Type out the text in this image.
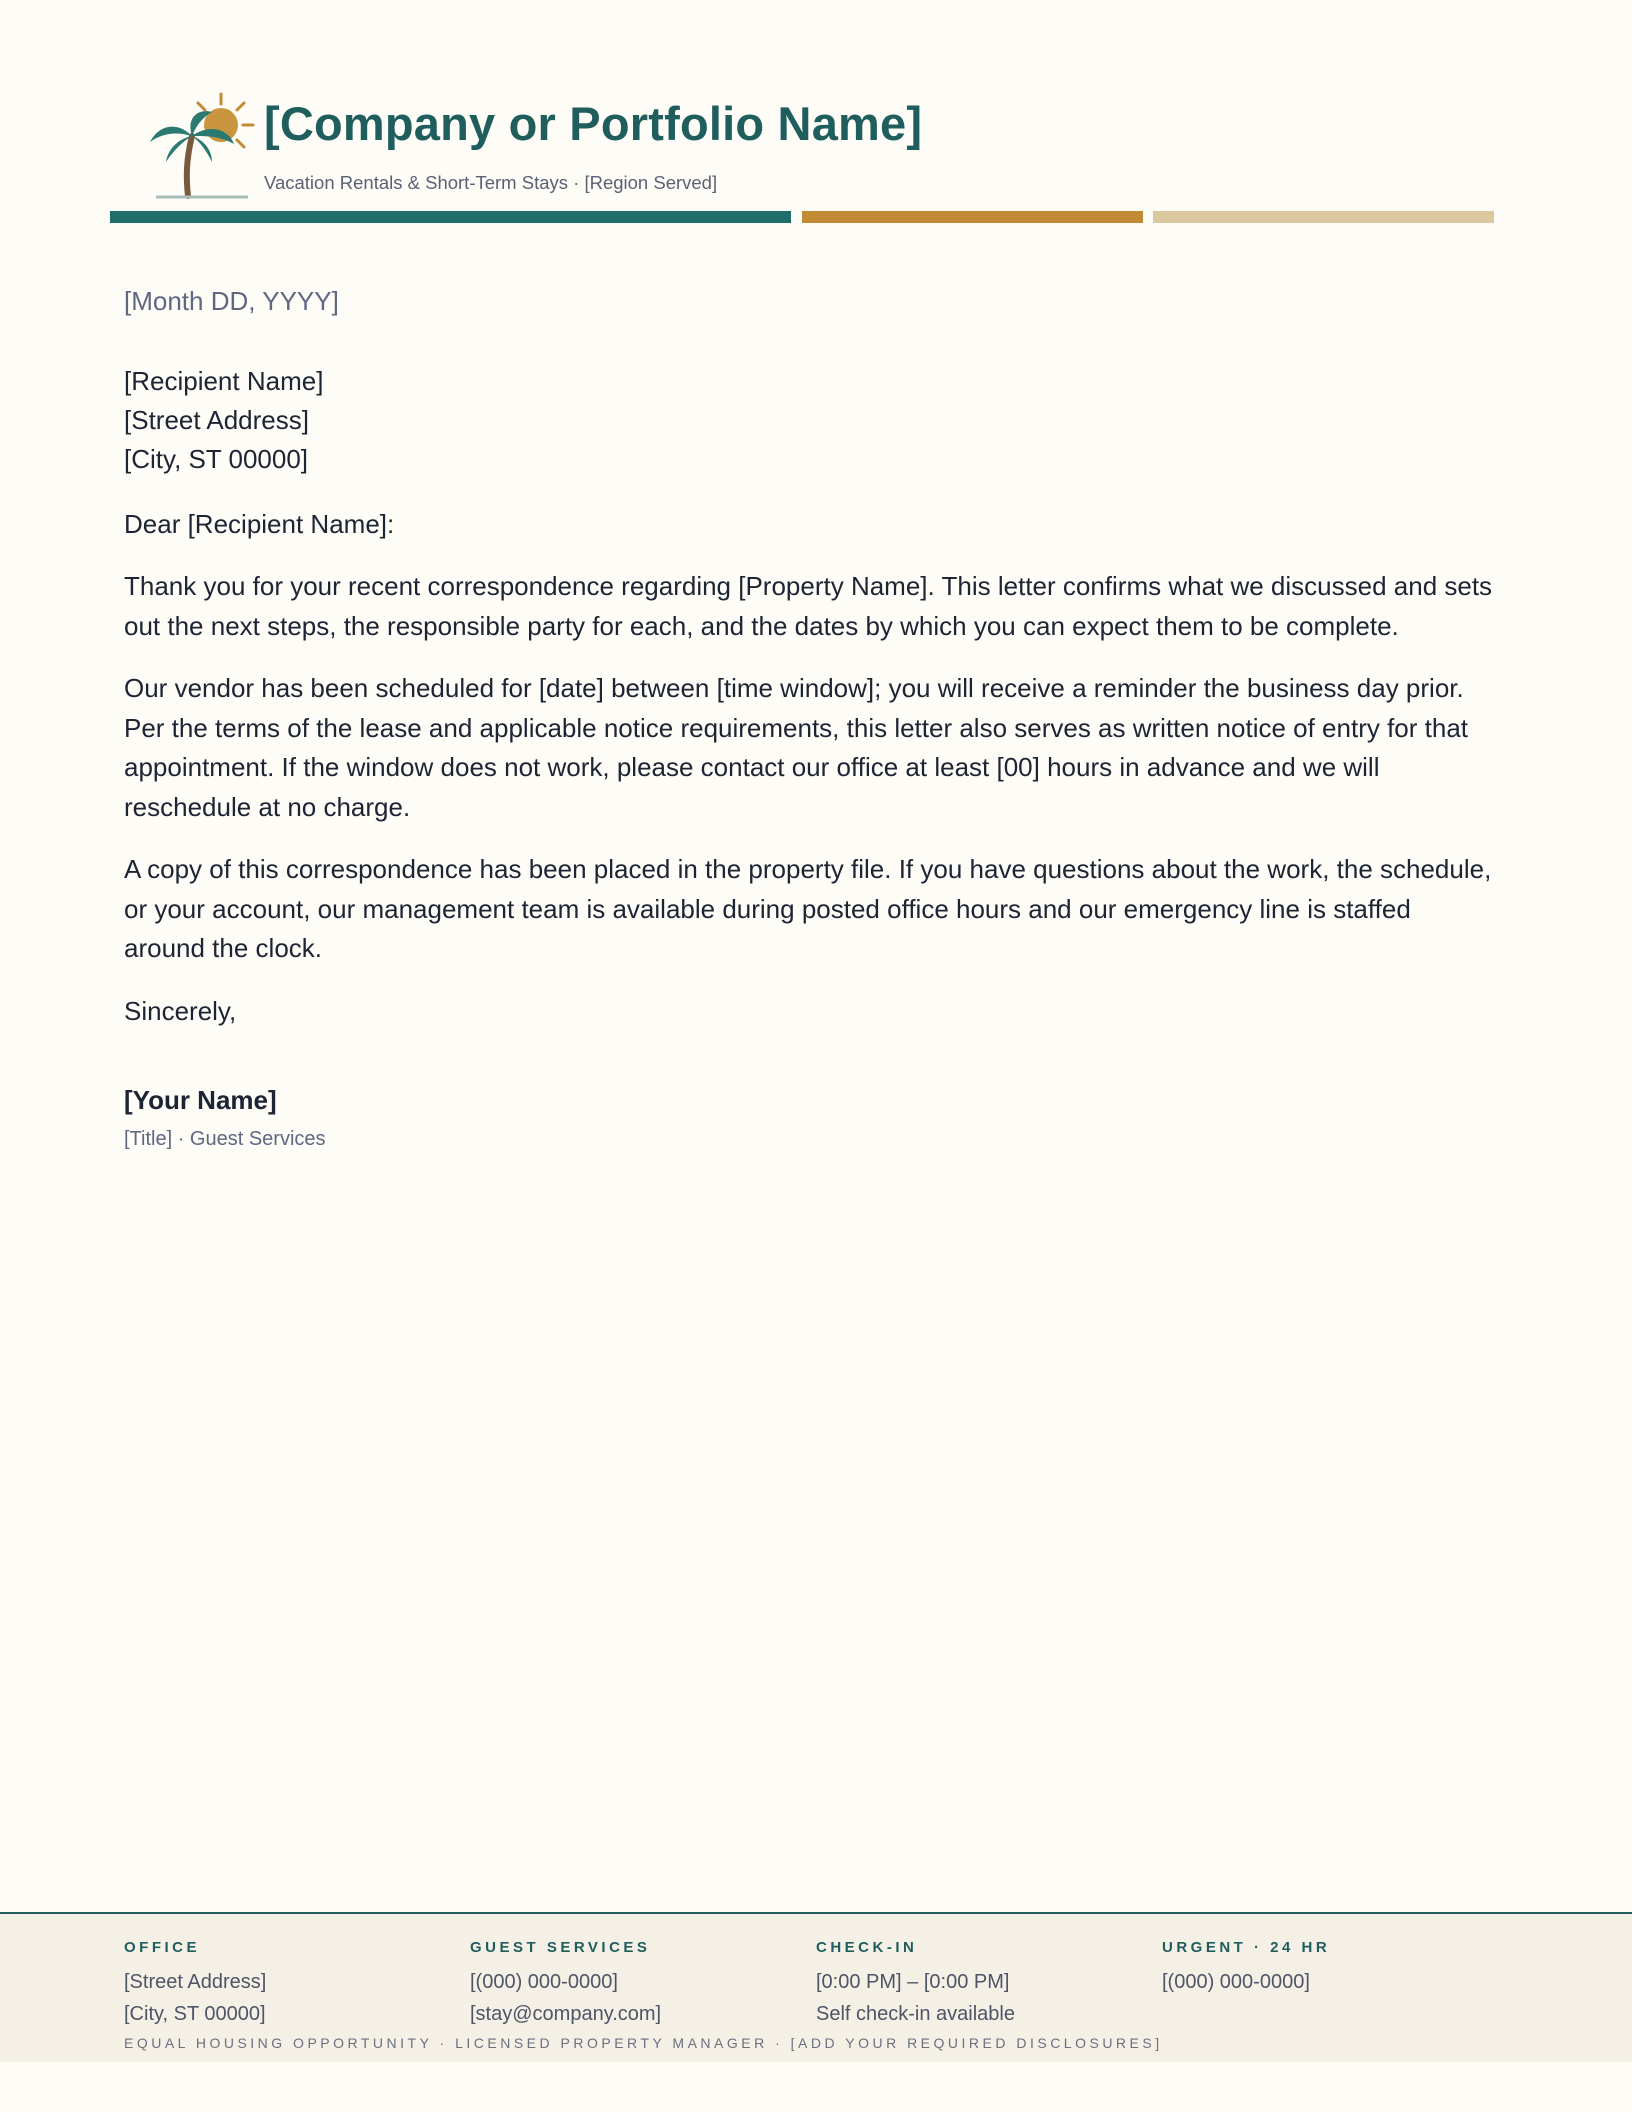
[Company or Portfolio Name]
Vacation Rentals & Short-Term Stays · [Region Served]

[Month DD, YYYY]

[Recipient Name]
[Street Address]
[City, ST 00000]

Dear [Recipient Name]:

Thank you for your recent correspondence regarding [Property Name]. This letter confirms what we discussed and sets out the next steps, the responsible party for each, and the dates by which you can expect them to be complete.

Our vendor has been scheduled for [date] between [time window]; you will receive a reminder the business day prior. Per the terms of the lease and applicable notice requirements, this letter also serves as written notice of entry for that appointment. If the window does not work, please contact our office at least [00] hours in advance and we will reschedule at no charge.

A copy of this correspondence has been placed in the property file. If you have questions about the work, the schedule, or your account, our management team is available during posted office hours and our emergency line is staffed around the clock.

Sincerely,

[Your Name]

[Title] · Guest Services

OFFICE
[Street Address]
[City, ST 00000]
GUEST SERVICES
[(000) 000-0000]
[stay@company.com]
CHECK-IN
[0:00 PM] – [0:00 PM]
Self check-in available
URGENT · 24 HR
[(000) 000-0000]
EQUAL HOUSING OPPORTUNITY · LICENSED PROPERTY MANAGER · [ADD YOUR REQUIRED DISCLOSURES]
